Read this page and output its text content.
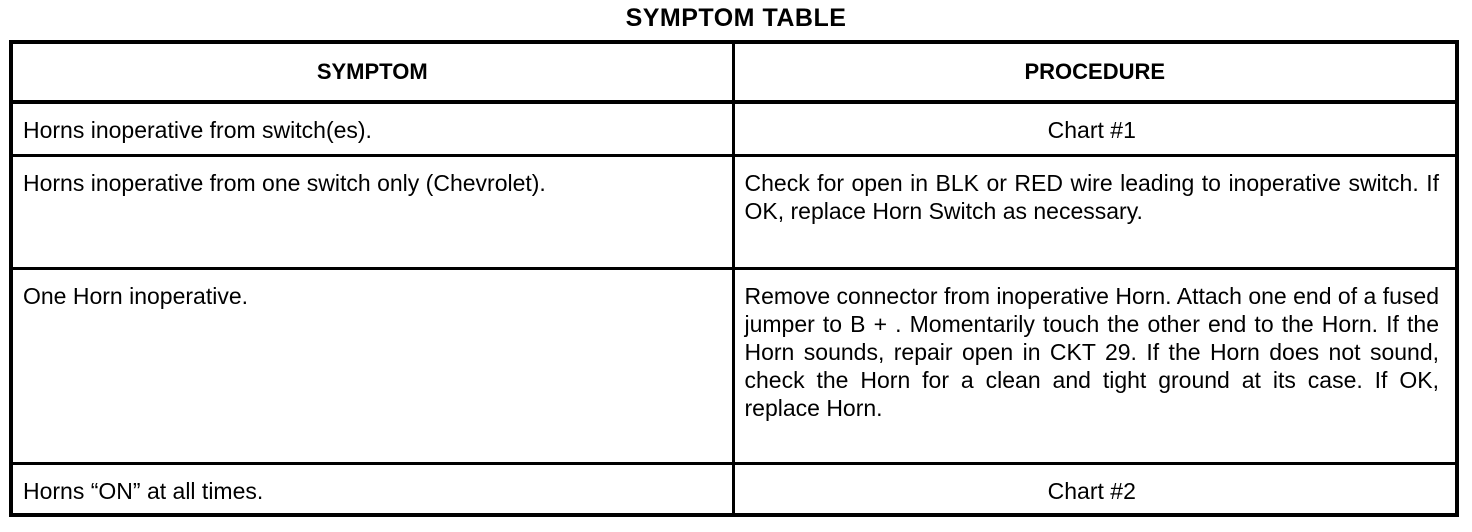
SYMPTOM TABLE
SYMPTOM	PROCEDURE
Horns inoperative from switch(es).	Chart #1
Horns inoperative from one switch only (Chevrolet).	Check for open in BLK or RED wire leading to inoperative switch. If OK, replace Horn Switch as necessary.
One Horn inoperative.	Remove connector from inoperative Horn. Attach one end of a fused jumper to B + . Momentarily touch the other end to the Horn. If the Horn sounds, repair open in CKT 29. If the Horn does not sound, check the Horn for a clean and tight ground at its case. If OK, replace Horn.
Horns “ON” at all times.	Chart #2
